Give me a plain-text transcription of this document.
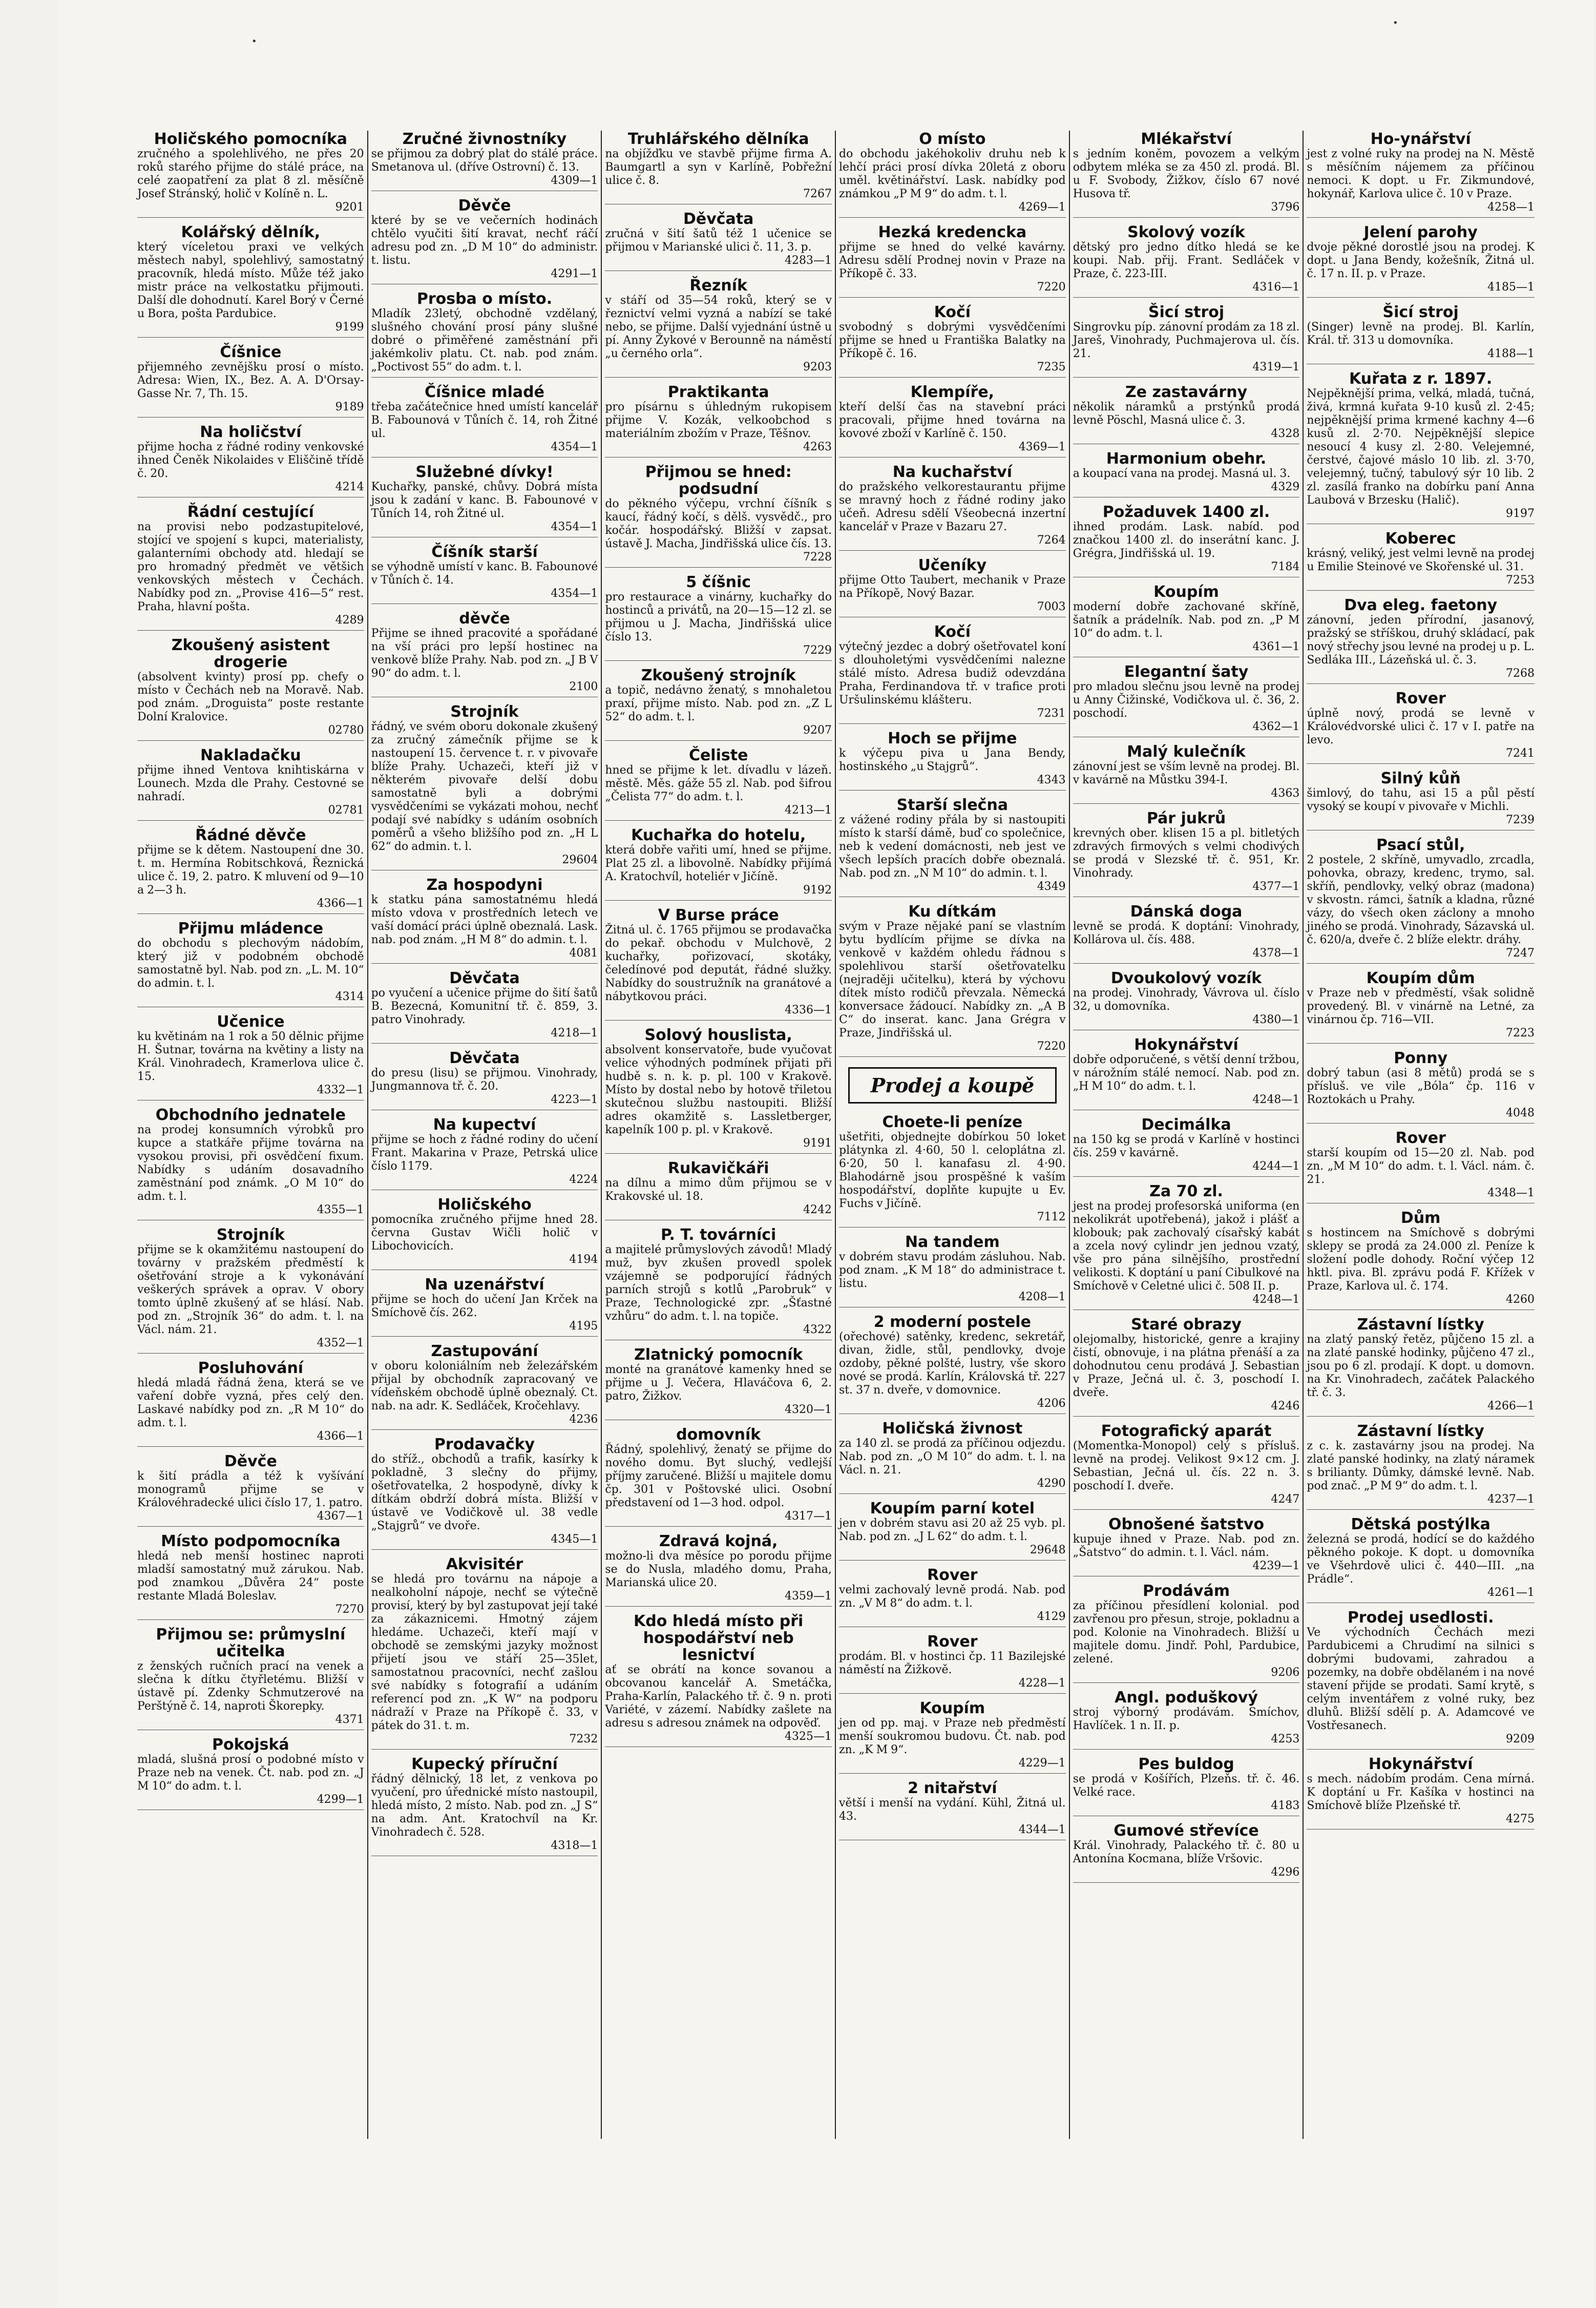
·
·

Holičského pomocníka

zručného a spolehlivého, ne přes 20 roků starého přijme do stálé práce, na celé zaopatření za plat 8 zl. měsíčně Josef Stránský, holič v Kolíně n. L.

9201

Kolářský dělník,

který víceletou praxi ve velkých městech nabyl, spolehlivý, samostatný pracovník, hledá místo. Může též jako mistr práce na velkostatku přijmouti. Další dle dohodnutí. Karel Borý v Černé u Bora, pošta Pardubice.

9199

Číšnice

přijemného zevnějšku prosí o místo. Adresa: Wien, IX., Bez. A. A. D'Orsay-Gasse Nr. 7, Th. 15.

9189

Na holičství

přijme hocha z řádné rodiny venkovské ihned Čeněk Nikolaides v Eliščině třídě č. 20.

4214

Řádní cestující

na provisi nebo podzastupitelové, stojící ve spojení s kupci, materialisty, galanterními obchody atd. hledají se pro hromadný předmět ve většich venkovských městech v Čechách. Nabídky pod zn. „Provise 416—5“ rest. Praha, hlavní pošta.

4289

Zkoušený asistent drogerie

(absolvent kvinty) prosí pp. chefy o místo v Čechách neb na Moravě. Nab. pod znám. „Droguista“ poste restante Dolní Kralovice.

02780

Nakladačku

přijme ihned Ventova knihtiskárna v Lounech. Mzda dle Prahy. Cestovné se nahradí.

02781

Řádné děvče

přijme se k dětem. Nastoupení dne 30. t. m. Hermína Robitschková, Řeznická ulice č. 19, 2. patro. K mluvení od 9—10 a 2—3 h.

4366—1

Přijmu mládence

do obchodu s plechovým nádobím, který již v podobném obchodě samostatně byl. Nab. pod zn. „L. M. 10“ do admin. t. l.

4314

Učenice

ku květinám na 1 rok a 50 dělnic přijme H. Šutnar, továrna na květiny a listy na Král. Vinohradech, Kramerlova ulice č. 15.

4332—1

Obchodního jednatele

na prodej konsumních výrobků pro kupce a statkáře přijme továrna na vysokou provisi, při osvědčení fixum. Nabídky s udáním dosavadního zaměstnání pod známk. „O M 10“ do adm. t. l.

4355—1

Strojník

přijme se k okamžitému nastoupení do továrny v pražském předměstí k ošetřování stroje a k vykonávání veškerých správek a oprav. V obory tomto úplně zkušený ať se hlásí. Nab. pod zn. „Strojník 36“ do adm. t. l. na Václ. nám. 21.

4352—1

Posluhování

hledá mladá řádná žena, která se ve vaření dobře vyzná, přes celý den. Laskavé nabídky pod zn. „R M 10“ do adm. t. l.

4366—1

Děvče

k šití prádla a též k vyšívání monogramů přijme se v Královéhradecké ulici číslo 17, 1. patro.

4367—1

Místo podpomocníka

hledá neb menší hostinec naproti mladší samostatný muž zárukou. Nab. pod znamkou „Důvěra 24“ poste restante Mladá Boleslav.

7270

Přijmou se: průmyslní učitelka

z ženských ručních prací na venek a slečna k dítku čtyřletému. Bližší v ústavě pí. Zdenky Schmutzerové na Perštýně č. 14, naproti Škorepky.

4371

Pokojská

mladá, slušná prosí o podobné místo v Praze neb na venek. Čt. nab. pod zn. „J M 10“ do adm. t. l.

4299—1

Zručné živnostníky

se přijmou za dobrý plat do stálé práce. Smetanova ul. (dříve Ostrovní) č. 13.

4309—1

Děvče

které by se ve večerních hodinách chtělo vyučiti šití kravat, nechť ráčí adresu pod zn. „D M 10“ do administr. t. listu.

4291—1

Prosba o místo.

Mladík 23letý, obchodně vzdělaný, slušného chování prosí pány slušné dobré o přiměřené zaměstnání při jakémkoliv platu. Ct. nab. pod znám. „Poctivost 55“ do adm. t. l.

Číšnice mladé

třeba začátečnice hned umístí kancelář B. Fabounová v Tůních č. 14, roh Žitné ul.

4354—1

Služebné dívky!

Kuchařky, panské, chůvy. Dobrá místa jsou k zadání v kanc. B. Fabounové v Tůních 14, roh Žitné ul.

4354—1

Číšník starší

se výhodně umístí v kanc. B. Fabounové v Tůních č. 14.

4354—1

děvče

Přijme se ihned pracovité a spořádané na vší práci pro lepší hostinec na venkově blíže Prahy. Nab. pod zn. „J B V 90“ do adm. t. l.

2100

Strojník

řádný, ve svém oboru dokonale zkušený za zručný zámečník přijme se k nastoupení 15. července t. r. v pivovaře blíže Prahy. Uchazeči, kteří již v některém pivovaře delší dobu samostatně byli a dobrými vysvědčeními se vykázati mohou, nechť podají své nabídky s udáním osobních poměrů a všeho bližšího pod zn. „H L 62“ do admin. t. l.

29604

Za hospodyni

k statku pána samostatnému hledá místo vdova v prostředních letech ve vaší domácí práci úplně obeznalá. Lask. nab. pod znám. „H M 8“ do admin. t. l.

4081

Děvčata

po vyučení a učenice přijme do šití šatů B. Bezecná, Komunitní tř. č. 859, 3. patro Vinohrady.

4218—1

Děvčata

do presu (lisu) se přijmou. Vinohrady, Jungmannova tř. č. 20.

4223—1

Na kupectví

přijme se hoch z řádné rodiny do učení Frant. Makarina v Praze, Petrská ulice číslo 1179.

4224

Holičského

pomocníka zručného přijme hned 28. června Gustav Wičli holič v Libochovicích.

4194

Na uzenářství

přijme se hoch do učení Jan Krček na Smíchově čís. 262.

4195

Zastupování

v oboru koloniálním neb železářském přijal by obchodník zapracovaný ve vídeňském obchodě úplně obeznalý. Ct. nab. na adr. K. Sedláček, Kročehlavy.

4236

Prodavačky

do stříž., obchodů a trafik, kasírky k pokladně, 3 slečny do přijmy, ošetřovatelka, 2 hospodyně, dívky k dítkám obdrží dobrá místa. Bližší v ústavě ve Vodičkově ul. 38 vedle „Stajgrů“ ve dvoře.

4345—1

Akvisitér

se hledá pro továrnu na nápoje a nealkoholní nápoje, nechť se výtečně provisí, který by byl zastupovat její také za zákaznicemi. Hmotný zájem hledáme. Uchazeči, kteří mají v obchodě se zemskými jazyky možnost přijetí jsou ve stáří 25—35let, samostatnou pracovníci, nechť zašlou své nabídky s fotografií a udáním referencí pod zn. „K W“ na podporu nádraží v Praze na Příkopě č. 33, v pátek do 31. t. m.

7232

Kupecký příruční

řádný dělnický, 18 let, z venkova po vyučení, pro úřednické místo nastoupil, hledá místo, 2 místo. Nab. pod zn. „J S“ na adm. Ant. Kratochvíl na Kr. Vinohradech č. 528.

4318—1

Truhlářského dělníka

na objížďku ve stavbě přijme firma A. Baumgartl a syn v Karlíně, Pobřežní ulice č. 8.

7267

Děvčata

zručná v šití šatů též 1 učenice se přijmou v Marianské ulici č. 11, 3. p.

4283—1

Řezník

v stáří od 35—54 roků, který se v řeznictví velmi vyzná a nabízí se také nebo, se přijme. Další vyjednání ústně u pí. Anny Žykové v Berounně na náměstí „u černého orla“.

9203

Praktikanta

pro písárnu s úhledným rukopisem přijme V. Kozák, velkoobchod s materiálním zbožím v Praze, Těšnov.

4263

Přijmou se hned: podsudní

do pěkného výčepu, vrchní číšník s kaucí, řádný kočí, s dělš. vysvědč., pro kočár. hospodářský. Bližší v zapsat. ústavě J. Macha, Jindřišská ulice čís. 13.

7228

5 číšnic

pro restaurace a vinárny, kuchařky do hostinců a privátů, na 20—15—12 zl. se přijmou u J. Macha, Jindřišská ulice číslo 13.

7229

Zkoušený strojník

a topič, nedávno ženatý, s mnohaletou praxí, přijme místo. Nab. pod zn. „Z L 52“ do adm. t. l.

9207

Čeliste

hned se přijme k let. dívadlu v lázeň. městě. Měs. gáže 55 zl. Nab. pod šifrou „Čelista 77“ do adm. t. l.

4213—1

Kuchařka do hotelu,

která dobře vařiti umí, hned se přijme. Plat 25 zl. a libovolně. Nabídky přijímá A. Kratochvíl, hoteliér v Jičíně.

9192

V Burse práce

Žitná ul. č. 1765 přijmou se prodavačka do pekař. obchodu v Mulchově, 2 kuchařky, pořizovací, skotáky, čeledínové pod deputát, řádné služky. Nabídky do soustružník na granátové a nábytkovou práci.

4336—1

Solový houslista,

absolvent konservatoře, bude vyučovat velice výhodných podmínek přijati při hudbě s. n. k. p. pl. 100 v Krakově. Místo by dostal nebo by hotově třiletou skutečnou službu nastoupiti. Bližší adres okamžitě s. Lassletberger, kapelník 100 p. pl. v Krakově.

9191

Rukavičkáři

na dílnu a mimo dům přijmou se v Krakovské ul. 18.

4242

P. T. továrníci

a majitelé průmyslových závodů! Mladý muž, byv zkušen provedl spolek vzájemně se podporující řádných parních strojů s kotlů „Parobruk“ v Praze, Technologické zpr. „Šťastné vzhůru“ do adm. t. l. na topiče.

4322

Zlatnický pomocník

monté na granátové kamenky hned se přijme u J. Večera, Hlaváčova 6, 2. patro, Žižkov.

4320—1

domovník

Řádný, spolehlivý, ženatý se přijme do nového domu. Byt sluchý, vedlejší příjmy zaručené. Bližší u majitele domu čp. 301 v Poštovské ulici. Osobní představení od 1—3 hod. odpol.

4317—1

Zdravá kojná,

možno-li dva měsíce po porodu přijme se do Nusla, mladého domu, Praha, Marianská ulice 20.

4359—1

Kdo hledá místo při hospodářství neb lesnictví

ať se obrátí na konce sovanou a obcovanou kancelář A. Smetáčka, Praha-Karlín, Palackého tř. č. 9 n. proti Variété, v zázemí. Nabídky zašlete na adresu s adresou známek na odpověď.

4325—1

O místo

do obchodu jakéhokoliv druhu neb k lehčí práci prosí dívka 20letá z oboru uměl. květinářství. Lask. nabídky pod známkou „P M 9“ do adm. t. l.

4269—1

Hezká kredencka

přijme se hned do velké kavárny. Adresu sdělí Prodnej novin v Praze na Příkopě č. 33.

7220

Kočí

svobodný s dobrými vysvědčeními přijme se hned u Františka Balatky na Příkopě č. 16.

7235

Klempíře,

kteří delší čas na stavební práci pracovali, přijme hned továrna na kovové zboží v Karlíně č. 150.

4369—1

Na kuchařství

do pražského velkorestaurantu přijme se mravný hoch z řádné rodiny jako učeň. Adresu sdělí Všeobecná inzertní kancelář v Praze v Bazaru 27.

7264

Učeníky

přijme Otto Taubert, mechanik v Praze na Příkopě, Nový Bazar.

7003

Kočí

výtečný jezdec a dobrý ošetřovatel koní s dlouholetými vysvědčeními nalezne stálé místo. Adresa budiž odevzdána Praha, Ferdinandova tř. v trafice proti Uršulinskému klášteru.

7231

Hoch se přijme

k výčepu piva u Jana Bendy, hostinského „u Stajgrů“.

4343

Starší slečna

z vážené rodiny přála by si nastoupiti místo k starší dámě, buď co společnice, neb k vedení domácnosti, neb jest ve všech lepších pracích dobře obeznalá. Nab. pod zn. „N M 10“ do admin. t. l.

4349

Ku dítkám

svým v Praze nějaké paní se vlastním bytu bydlícím přijme se dívka na venkově v každém ohledu řádnou s spolehlivou starší ošetřovatelku (nejraději učitelku), která by výchovu dítek místo rodičů převzala. Německá konversace žádoucí. Nabídky zn. „A B C“ do inserat. kanc. Jana Grégra v Praze, Jindřišská ul.

7220

Prodej a koupě

Choete-li peníze

ušetřiti, objednejte dobírkou 50 loket plátynka zl. 4·60, 50 l. celoplátna zl. 6·20, 50 l. kanafasu zl. 4·90. Blahodárně jsou prospěšné k vaším hospodářství, doplňte kupujte u Ev. Fuchs v Jičíně.

7112

Na tandem

v dobrém stavu prodám zásluhou. Nab. pod znam. „K M 18“ do administrace t. listu.

4208—1

2 moderní postele

(ořechové) satěnky, kredenc, sekretář, divan, židle, stůl, pendlovky, dvoje ozdoby, pěkné polšté, lustry, vše skoro nové se prodá. Karlín, Královská tř. 227 st. 37 n. dveře, v domovnice.

4206

Holičská živnost

za 140 zl. se prodá za příčinou odjezdu. Nab. pod zn. „O M 10“ do adm. t. l. na Václ. n. 21.

4290

Koupím parní kotel

jen v dobrém stavu asi 20 až 25 vyb. pl. Nab. pod zn. „J L 62“ do adm. t. l.

29648

Rover

velmi zachovalý levně prodá. Nab. pod zn. „V M 8“ do adm. t. l.

4129

Rover

prodám. Bl. v hostinci čp. 11 Bazilejské náměstí na Žižkově.

4228—1

Koupím

jen od pp. maj. v Praze neb předměstí menší soukromou budovu. Čt. nab. pod zn. „K M 9“.

4229—1

2 nitařství

větší i menší na vydání. Kühl, Žitná ul. 43.

4344—1

Mlékařství

s jedním koněm, povozem a velkým odbytem mléka se za 450 zl. prodá. Bl. u F. Svobody, Žižkov, číslo 67 nové Husova tř.

3796

Skolový vozík

dětský pro jedno dítko hledá se ke koupi. Nab. přij. Frant. Sedláček v Praze, č. 223-III.

4316—1

Šicí stroj

Singrovku píp. zánovní prodám za 18 zl. Jareš, Vinohrady, Puchmajerova ul. čís. 21.

4319—1

Ze zastavárny

několik náramků a prstýnků prodá levně Pöschl, Masná ulice č. 3.

4328

Harmonium obehr.

a koupací vana na prodej. Masná ul. 3.

4329

Požaduvek 1400 zl.

ihned prodám. Lask. nabíd. pod značkou 1400 zl. do inserátní kanc. J. Grégra, Jindřišská ul. 19.

7184

Koupím

moderní dobře zachované skříně, šatník a prádelník. Nab. pod zn. „P M 10“ do adm. t. l.

4361—1

Elegantní šaty

pro mladou slečnu jsou levně na prodej u Anny Čižinské, Vodičkova ul. č. 36, 2. poschodí.

4362—1

Malý kulečník

zánovní jest se vším levně na prodej. Bl. v kavárně na Můstku 394-I.

4363

Pár jukrů

krevných ober. klisen 15 a pl. bitletých zdravých firmových s velmi chodivých se prodá v Slezské tř. č. 951, Kr. Vinohrady.

4377—1

Dánská doga

levně se prodá. K doptání: Vinohrady, Kollárova ul. čís. 488.

4378—1

Dvoukolový vozík

na prodej. Vinohrady, Vávrova ul. číslo 32, u domovníka.

4380—1

Hokynářství

dobře odporučené, s větší denní tržbou, v nárožním stálé nemocí. Nab. pod zn. „H M 10“ do adm. t. l.

4248—1

Decimálka

na 150 kg se prodá v Karlíně v hostinci čís. 259 v kavárně.

4244—1

Za 70 zl.

jest na prodej profesorská uniforma (en nekolikrát upotřebená), jakož i plášť a klobouk; pak zachovalý císařský kabát a zcela nový cylindr jen jednou vzatý, vše pro pána silnějšího, prostřední velikosti. K doptání u paní Cibulkové na Smíchově v Celetné ulici č. 508 II. p.

4248—1

Staré obrazy

olejomalby, historické, genre a krajiny čistí, obnovuje, i na plátna přenáší a za dohodnutou cenu prodává J. Sebastian v Praze, Ječná ul. č. 3, poschodí I. dveře.

4246

Fotografický aparát

(Momentka-Monopol) celý s přísluš. levně na prodej. Velikost 9×12 cm. J. Sebastian, Ječná ul. čís. 22 n. 3. poschodí I. dveře.

4247

Obnošené šatstvo

kupuje ihned v Praze. Nab. pod zn. „Šatstvo“ do admin. t. l. Václ. nám.

4239—1

Prodávám

za příčinou přesídlení kolonial. pod zavřenou pro přesun, stroje, pokladnu a pod. Kolonie na Vinohradech. Bližší u majitele domu. Jindř. Pohl, Pardubice, zelené.

9206

Angl. poduškový

stroj výborný prodávám. Smíchov, Havlíček. 1 n. II. p.

4253

Pes buldog

se prodá v Košířích, Plzeňs. tř. č. 46. Velké race.

4183

Gumové střevíce

Král. Vinohrady, Palackého tř. č. 80 u Antonína Kocmana, blíže Vršovic.

4296

Ho-ynářství

jest z volné ruky na prodej na N. Městě s měsíčním nájemem za příčinou nemoci. K dopt. u Fr. Zikmundové, hokynář, Karlova ulice č. 10 v Praze.

4258—1

Jelení parohy

dvoje pěkné dorostlé jsou na prodej. K dopt. u Jana Bendy, kožešník, Žitná ul. č. 17 n. II. p. v Praze.

4185—1

Šicí stroj

(Singer) levně na prodej. Bl. Karlín, Král. tř. 313 u domovníka.

4188—1

Kuřata z r. 1897.

Nejpěknější prima, velká, mladá, tučná, živá, krmná kuřata 9-10 kusů zl. 2·45; nejpěknější prima krmené kachny 4—6 kusů zl. 2·70. Nejpěknější slepice nesoucí 4 kusy zl. 2·80. Velejemné, čerstvé, čajové máslo 10 lib. zl. 3·70, velejemný, tučný, tabulový sýr 10 lib. 2 zl. zasílá franko na dobírku paní Anna Laubová v Brzesku (Halič).

9197

Koberec

krásný, veliký, jest velmi levně na prodej u Emilie Steinové ve Skořenské ul. 31.

7253

Dva eleg. faetony

zánovní, jeden přírodní, jasanový, pražský se stříškou, druhý skládací, pak nový střechy jsou levné na prodej u p. L. Sedláka III., Lázeňská ul. č. 3.

7268

Rover

úplně nový, prodá se levně v Královédvorské ulici č. 17 v I. patře na levo.

7241

Silný kůň

šimlový, do tahu, asi 15 a půl pěstí vysoký se koupí v pivovaře v Michli.

7239

Psací stůl,

2 postele, 2 skříně, umyvadlo, zrcadla, pohovka, obrazy, kredenc, trymo, sal. skříň, pendlovky, velký obraz (madona) v skvostn. rámci, šatník a kladna, různé vázy, do všech oken záclony a mnoho jiného se prodá. Vinohrady, Sázavská ul. č. 620/a, dveře č. 2 blíže elektr. dráhy.

7247

Koupím dům

v Praze neb v předměstí, však solidně provedený. Bl. v vinárně na Letné, za vinárnou čp. 716—VII.

7223

Ponny

dobrý tabun (asi 8 mětů) prodá se s přísluš. ve vile „Bóla“ čp. 116 v Roztokách u Prahy.

4048

Rover

starší koupím od 15—20 zl. Nab. pod zn. „M M 10“ do adm. t. l. Václ. nám. č. 21.

4348—1

Dům

s hostincem na Smíchově s dobrými sklepy se prodá za 24.000 zl. Peníze k složení podle dohody. Roční výčep 12 hktl. piva. Bl. zprávu podá F. Křížek v Praze, Karlova ul. č. 174.

4260

Zástavní lístky

na zlatý panský řetěz, půjčeno 15 zl. a na zlaté panské hodinky, půjčeno 47 zl., jsou po 6 zl. prodají. K dopt. u domovn. na Kr. Vinohradech, začátek Palackého tř. č. 3.

4266—1

Zástavní lístky

z c. k. zastavárny jsou na prodej. Na zlaté panské hodinky, na zlatý náramek s brilianty. Důmky, dámské levně. Nab. pod znač. „P M 9“ do adm. t. l.

4237—1

Dětská postýlka

železná se prodá, hodící se do každého pěkného pokoje. K dopt. u domovníka ve Všehrdově ulici č. 440—III. „na Prádle“.

4261—1

Prodej usedlosti.

Ve východních Čechách mezi Pardubicemi a Chrudimí na silnici s dobrými budovami, zahradou a pozemky, na dobře obdělaném i na nové stavení přijde se prodati. Samí krytě, s celým inventářem z volné ruky, bez dluhů. Bližší sdělí p. A. Adamcové ve Vostřesanech.

9209

Hokynářství

s mech. nádobím prodám. Cena mírná. K doptání u Fr. Kašíka v hostinci na Smíchově blíže Plzeňské tř.

4275
